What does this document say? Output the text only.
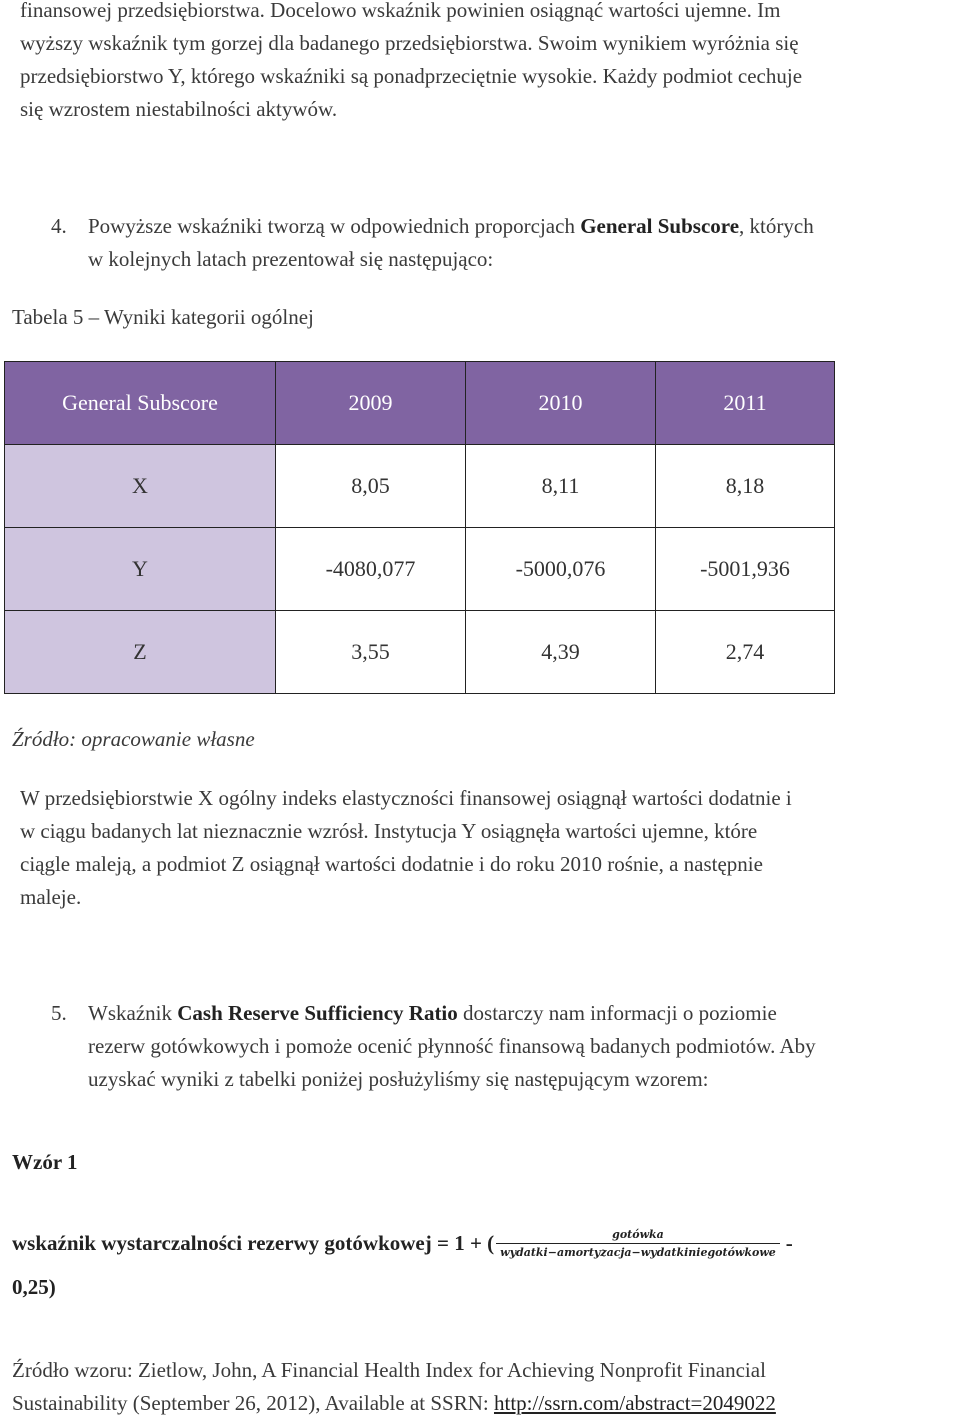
finansowej przedsiębiorstwa. Docelowo wskaźnik powinien osiągnąć wartości ujemne. Im
wyższy wskaźnik tym gorzej dla badanego przedsiębiorstwa. Swoim wynikiem wyróżnia się
przedsiębiorstwo Y, którego wskaźniki są ponadprzeciętnie wysokie. Każdy podmiot cechuje
się wzrostem niestabilności aktywów.
4. Powyższe wskaźniki tworzą w odpowiednich proporcjach General Subscore, których
w kolejnych latach prezentował się następująco:
Tabela 5 – Wyniki kategorii ogólnej
General Subscore	2009	2010	2011
X	8,05	8,11	8,18
Y	-4080,077	-5000,076	-5001,936
Z	3,55	4,39	2,74
Źródło: opracowanie własne
W przedsiębiorstwie X ogólny indeks elastyczności finansowej osiągnął wartości dodatnie i
w ciągu badanych lat nieznacznie wzrósł. Instytucja Y osiągnęła wartości ujemne, które
ciągle maleją, a podmiot Z osiągnął wartości dodatnie i do roku 2010 rośnie, a następnie
maleje.
5. Wskaźnik Cash Reserve Sufficiency Ratio dostarczy nam informacji o poziomie
rezerw gotówkowych i pomoże ocenić płynność finansową badanych podmiotów. Aby
uzyskać wyniki z tabelki poniżej posłużyliśmy się następującym wzorem:
Wzór 1
wskaźnik wystarczalności rezerwy gotówkowej = 1 + ( $\frac{\text{gotówka}}{\text{wydatki−amortyzacja−wydatkiniegotówkowe}}$ -
0,25)
Źródło wzoru: Zietlow, John, A Financial Health Index for Achieving Nonprofit Financial
Sustainability (September 26, 2012), Available at SSRN: http://ssrn.com/abstract=2049022
